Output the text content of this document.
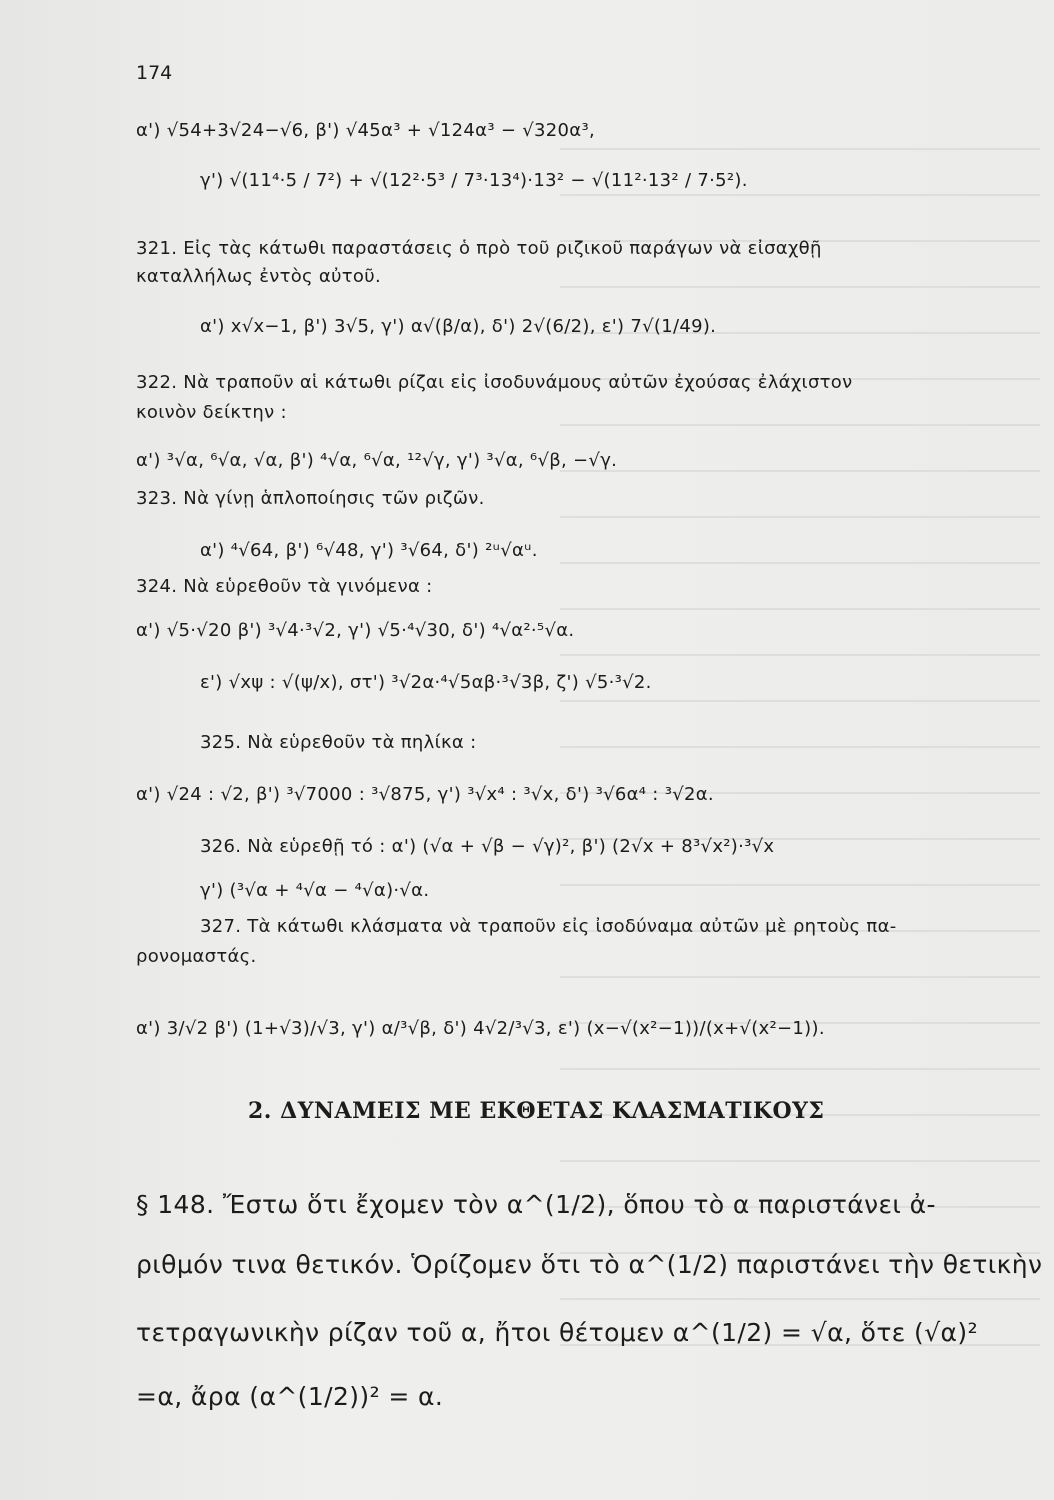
174
α') √54+3√24−√6, β') √45α³ + √124α³ − √320α³,
γ') √(11⁴·5 / 7²) + √(12²·5³ / 7³·13⁴)·13² − √(11²·13² / 7·5²).
321. Εἰς τὰς κάτωθι παραστάσεις ὁ πρὸ τοῦ ριζικοῦ παράγων νὰ εἰσαχθῇ
καταλλήλως ἐντὸς αὐτοῦ.
α') x√x−1, β') 3√5, γ') α√(β/α), δ') 2√(6/2), ε') 7√(1/49).
322. Νὰ τραποῦν αἱ κάτωθι ρίζαι εἰς ἰσοδυνάμους αὐτῶν ἐχούσας ἐλάχιστον
κοινὸν δείκτην :
α') ³√α, ⁶√α, √α, β') ⁴√α, ⁶√α, ¹²√γ, γ') ³√α, ⁶√β, −√γ.
323. Νὰ γίνῃ ἁπλοποίησις τῶν ριζῶν.
α') ⁴√64, β') ⁶√48, γ') ³√64, δ') ²ᵘ√αᵘ.
324. Νὰ εὑρεθοῦν τὰ γινόμενα :
α') √5·√20 β') ³√4·³√2, γ') √5·⁴√30, δ') ⁴√α²·⁵√α.
ε') √xψ : √(ψ/x), στ') ³√2α·⁴√5αβ·³√3β, ζ') √5·³√2.
325. Νὰ εὑρεθοῦν τὰ πηλίκα :
α') √24 : √2, β') ³√7000 : ³√875, γ') ³√x⁴ : ³√x, δ') ³√6α⁴ : ³√2α.
326. Νὰ εὑρεθῇ τό : α') (√α + √β − √γ)², β') (2√x + 8³√x²)·³√x
γ') (³√α + ⁴√α − ⁴√α)·√α.
327. Τὰ κάτωθι κλάσματα νὰ τραποῦν εἰς ἰσοδύναμα αὐτῶν μὲ ρητοὺς πα-
ρονομαστάς.
α') 3/√2 β') (1+√3)/√3, γ') α/³√β, δ') 4√2/³√3, ε') (x−√(x²−1))/(x+√(x²−1)).
2. ΔΥΝΑΜΕΙΣ ΜΕ ΕΚΘΕΤΑΣ ΚΛΑΣΜΑΤΙΚΟΥΣ
§ 148. Ἔστω ὅτι ἔχομεν τὸν α^(1/2), ὅπου τὸ α παριστάνει ἀ-
ριθμόν τινα θετικόν. Ὁρίζομεν ὅτι τὸ α^(1/2) παριστάνει τὴν θετικὴν
τετραγωνικὴν ρίζαν τοῦ α, ἤτοι θέτομεν α^(1/2) = √α, ὅτε (√α)²
=α, ἄρα (α^(1/2))² = α.
